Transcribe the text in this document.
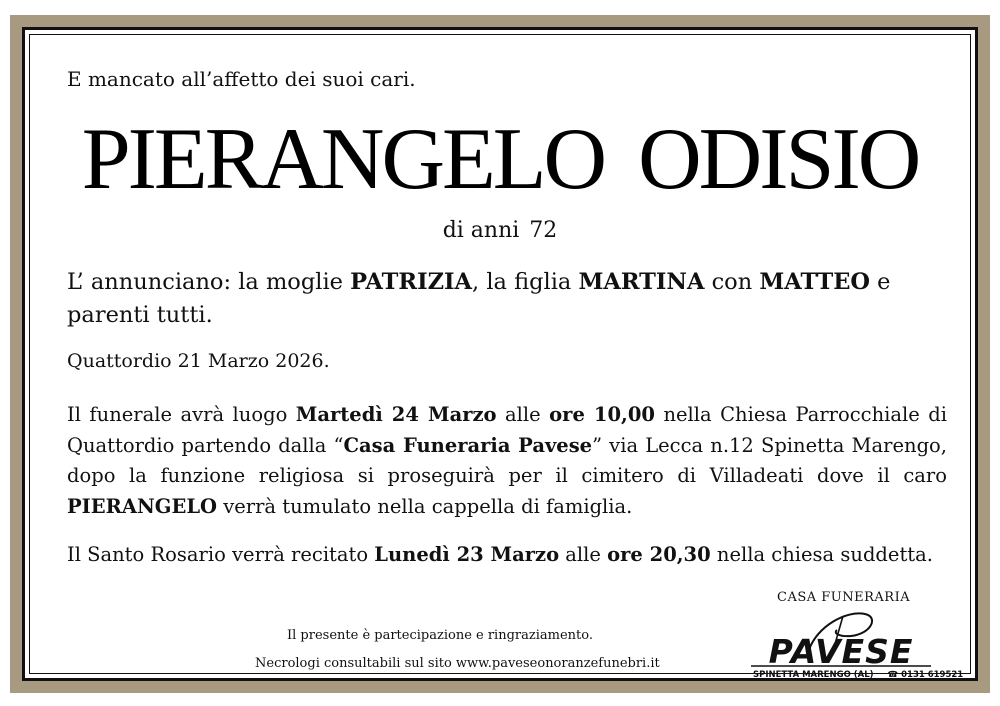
E mancato all’affetto dei suoi cari.
PIERANGELO ODISIO
di anni 72
L’ annunciano: la moglie PATRIZIA, la figlia MARTINA con MATTEO e parenti tutti.
Quattordio 21 Marzo 2026.
Il funerale avrà luogo Martedì 24 Marzo alle ore 10,00 nella Chiesa Parrocchiale di Quattordio partendo dalla “Casa Funeraria Pavese” via Lecca n.12 Spinetta Marengo, dopo la funzione religiosa si proseguirà per il cimitero di Villadeati dove il caro PIERANGELO verrà tumulato nella cappella di famiglia.
Il Santo Rosario verrà recitato Lunedì 23 Marzo alle ore 20,30 nella chiesa suddetta.
CASA FUNERARIA
Il presente è partecipazione e ringraziamento.
Necrologi consultabili sul sito www.paveseonoranzefunebri.it	PAVESE
SPINETTA MARENGO (AL) ☎ 0131 619521
